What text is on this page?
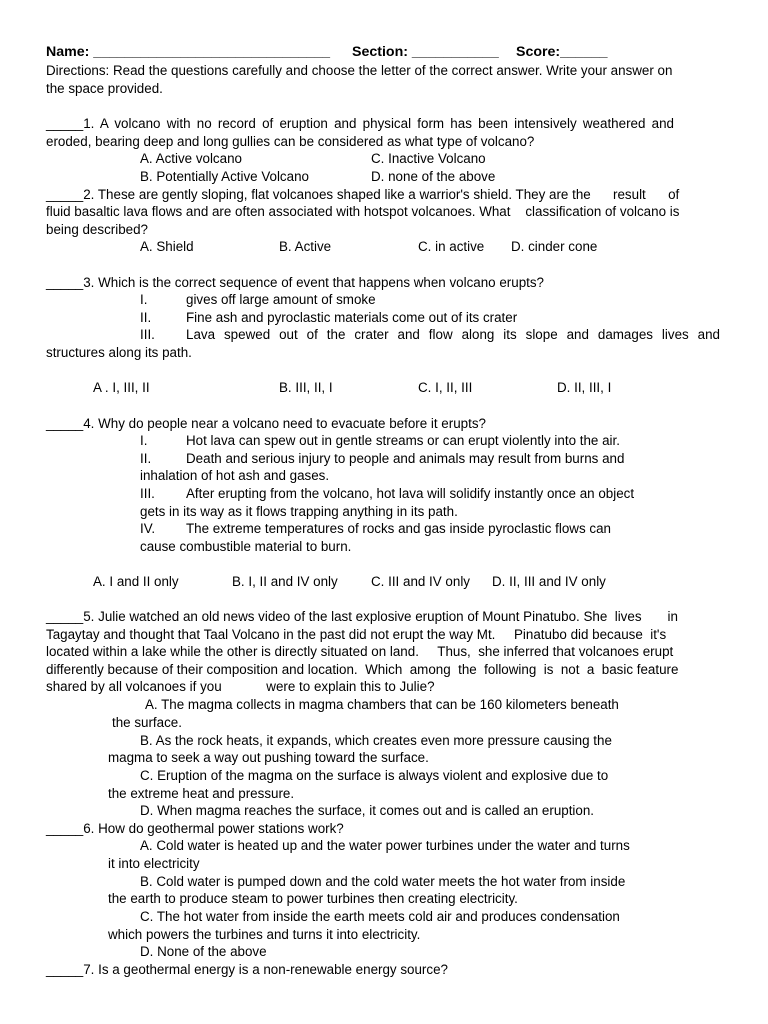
Name: ______________________________ Section: ___________ Score:______
Directions: Read the questions carefully and choose the letter of the correct answer. Write your answer on
the space provided.
_____1. A volcano with no record of eruption and physical form has been intensively weathered and
eroded, bearing deep and long gullies can be considered as what type of volcano?
A. Active volcano	C. Inactive Volcano
B. Potentially Active Volcano	D. none of the above
_____2. These are gently sloping, flat volcanoes shaped like a warrior's shield. They are the      result      of
fluid basaltic lava flows and are often associated with hotspot volcanoes. What    classification of volcano is
being described?
A. Shield	B. Active	C. in active D. cinder cone
_____3. Which is the correct sequence of event that happens when volcano erupts?
I.	gives off large amount of smoke
II.	Fine ash and pyroclastic materials come out of its crater
III. Lava spewed out of the crater and flow along its slope and damages lives and
structures along its path.
A . I, III, II	B. III, II, I	C. I, II, III	D. II, III, I
_____4. Why do people near a volcano need to evacuate before it erupts?
I.	Hot lava can spew out in gentle streams or can erupt violently into the air.
II.	Death and serious injury to people and animals may result from burns and
inhalation of hot ash and gases.
III. After erupting from the volcano, hot lava will solidify instantly once an object
gets in its way as it flows trapping anything in its path.
IV. The extreme temperatures of rocks and gas inside pyroclastic flows can
cause combustible material to burn.
A. I and II only	B. I, II and IV only C. III and IV only D. II, III and IV only
_____5. Julie watched an old news video of the last explosive eruption of Mount Pinatubo. She  lives       in
Tagaytay and thought that Taal Volcano in the past did not erupt the way Mt.     Pinatubo did because  it's
located within a lake while the other is directly situated on land.     Thus,  she inferred that volcanoes erupt
differently because of their composition and location.  Which  among  the  following  is  not  a  basic feature
shared by all volcanoes if you            were to explain this to Julie?
A. The magma collects in magma chambers that can be 160 kilometers beneath
the surface.
B. As the rock heats, it expands, which creates even more pressure causing the
magma to seek a way out pushing toward the surface.
C. Eruption of the magma on the surface is always violent and explosive due to
the extreme heat and pressure.
D. When magma reaches the surface, it comes out and is called an eruption.
_____6. How do geothermal power stations work?
A. Cold water is heated up and the water power turbines under the water and turns
it into electricity
B. Cold water is pumped down and the cold water meets the hot water from inside
the earth to produce steam to power turbines then creating electricity.
C. The hot water from inside the earth meets cold air and produces condensation
which powers the turbines and turns it into electricity.
D. None of the above
_____7. Is a geothermal energy is a non-renewable energy source?
